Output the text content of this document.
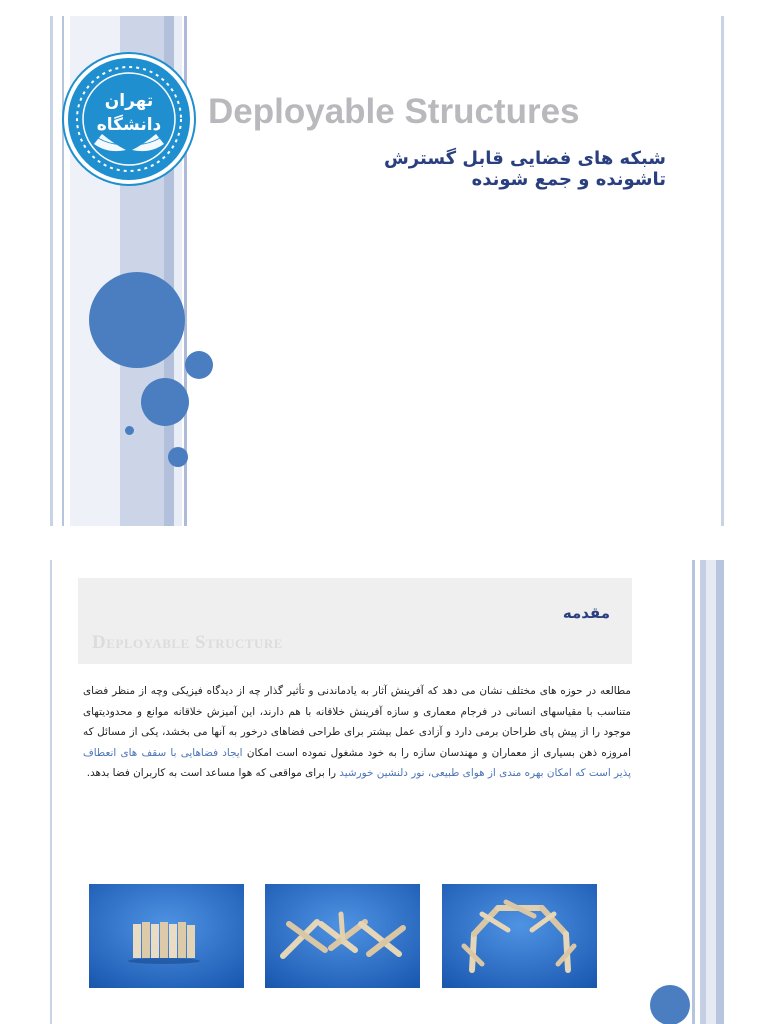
تهران
دانشگاه Deployable Structures
شبکه های فضایی قابل گسترش
تاشونده و جمع شونده
مقدمه
Deployable Structure
مطالعه در حوزه های مختلف نشان می دهد که آفرینش آثار به یادماندنی و تأثیر گذار چه از دیدگاه فیزیکی وچه از منظر فضای متناسب با مقیاسهای انسانی در فرجام معماری و سازه آفرینش خلاقانه با هم دارند، این آمیزش خلاقانه موانع و محدودیتهای موجود را از پیش پای طراحان برمی دارد و آزادی عمل بیشتر برای طراحی فضاهای درخور به آنها می بخشد، یکی از مسائل که امروزه ذهن بسیاری از معماران و مهندسان سازه را به خود مشغول نموده است امکان ایجاد فضاهایی با سقف های انعطاف پذیر است که امکان بهره مندی از هوای طبیعی، نور دلنشین خورشید را برای مواقعی که هوا مساعد است به کاربران فضا بدهد.
